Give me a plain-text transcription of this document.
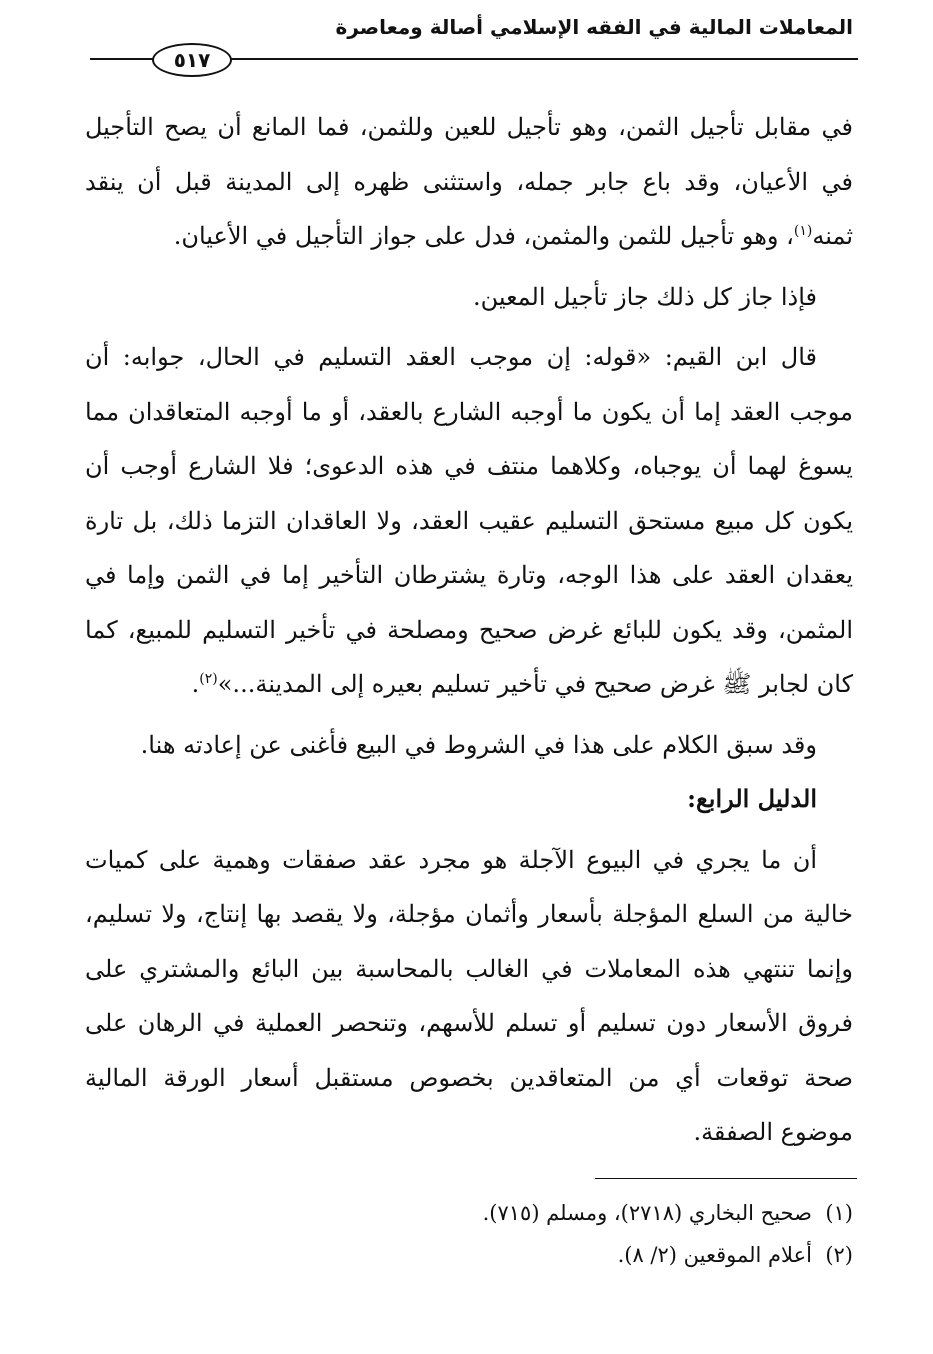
المعاملات المالية في الفقه الإسلامي أصالة ومعاصرة
٥١٧

في مقابل تأجيل الثمن، وهو تأجيل للعين وللثمن، فما المانع أن يصح التأجيل في الأعيان، وقد باع جابر جمله، واستثنى ظهره إلى المدينة قبل أن ينقد ثمنه$^{(١)}$، وهو تأجيل للثمن والمثمن، فدل على جواز التأجيل في الأعيان.

فإذا جاز كل ذلك جاز تأجيل المعين.

قال ابن القيم: «قوله: إن موجب العقد التسليم في الحال، جوابه: أن موجب العقد إما أن يكون ما أوجبه الشارع بالعقد، أو ما أوجبه المتعاقدان مما يسوغ لهما أن يوجباه، وكلاهما منتف في هذه الدعوى؛ فلا الشارع أوجب أن يكون كل مبيع مستحق التسليم عقيب العقد، ولا العاقدان التزما ذلك، بل تارة يعقدان العقد على هذا الوجه، وتارة يشترطان التأخير إما في الثمن وإما في المثمن، وقد يكون للبائع غرض صحيح ومصلحة في تأخير التسليم للمبيع، كما كان لجابر ﷺ غرض صحيح في تأخير تسليم بعيره إلى المدينة...»$^{(٢)}$.

وقد سبق الكلام على هذا في الشروط في البيع فأغنى عن إعادته هنا.

الدليل الرابع:

أن ما يجري في البيوع الآجلة هو مجرد عقد صفقات وهمية على كميات خالية من السلع المؤجلة بأسعار وأثمان مؤجلة، ولا يقصد بها إنتاج، ولا تسليم، وإنما تنتهي هذه المعاملات في الغالب بالمحاسبة بين البائع والمشتري على فروق الأسعار دون تسليم أو تسلم للأسهم، وتنحصر العملية في الرهان على صحة توقعات أي من المتعاقدين بخصوص مستقبل أسعار الورقة المالية موضوع الصفقة.

(١)  صحيح البخاري (٢٧١٨)، ومسلم (٧١٥).
(٢)  أعلام الموقعين (٢/ ٨).
